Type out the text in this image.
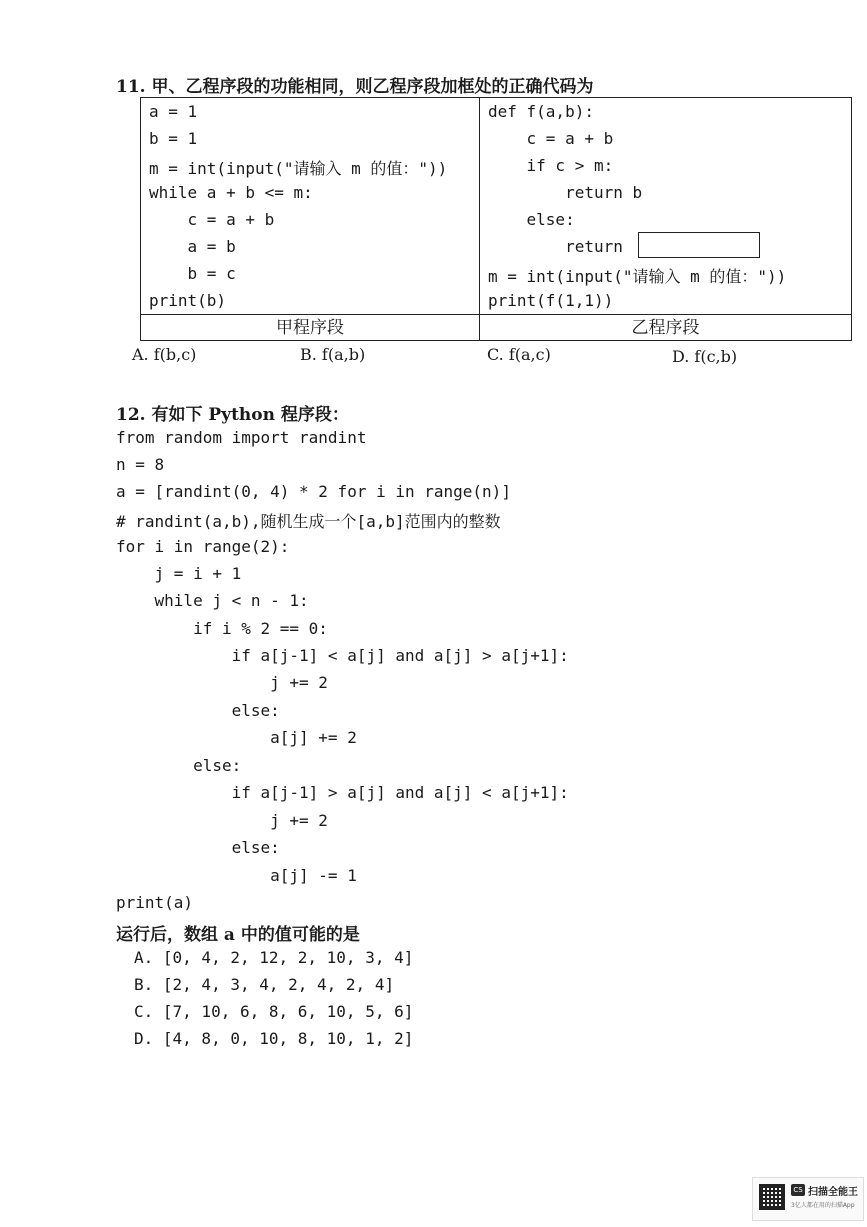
11. 甲、乙程序段的功能相同，则乙程序段加框处的正确代码为
a = 1
b = 1
m = int(input("请输入 m 的值："))
while a + b <= m:
c = a + b
a = b
b = c
print(b)
def f(a,b):
c = a + b
if c > m:
return b
else:
return
m = int(input("请输入 m 的值："))
print(f(1,1))
甲程序段	乙程序段
A. f(b,c)	B. f(a,b)	C. f(a,c)	D. f(c,b)
12. 有如下 Python 程序段：
from random import randint
n = 8
a = [randint(0, 4) * 2 for i in range(n)]
# randint(a,b),随机生成一个[a,b]范围内的整数
for i in range(2):
j = i + 1
while j < n - 1:
if i % 2 == 0:
if a[j-1] < a[j] and a[j] > a[j+1]:
j += 2
else:
a[j] += 2
else:
if a[j-1] > a[j] and a[j] < a[j+1]:
j += 2
else:
a[j] -= 1
print(a)
运行后，数组 a 中的值可能的是
A. [0, 4, 2, 12, 2, 10, 3, 4]
B. [2, 4, 3, 4, 2, 4, 2, 4]
C. [7, 10, 6, 8, 6, 10, 5, 6]
D. [4, 8, 0, 10, 8, 10, 1, 2]
CS 扫描全能王
3亿人都在用的扫描App
